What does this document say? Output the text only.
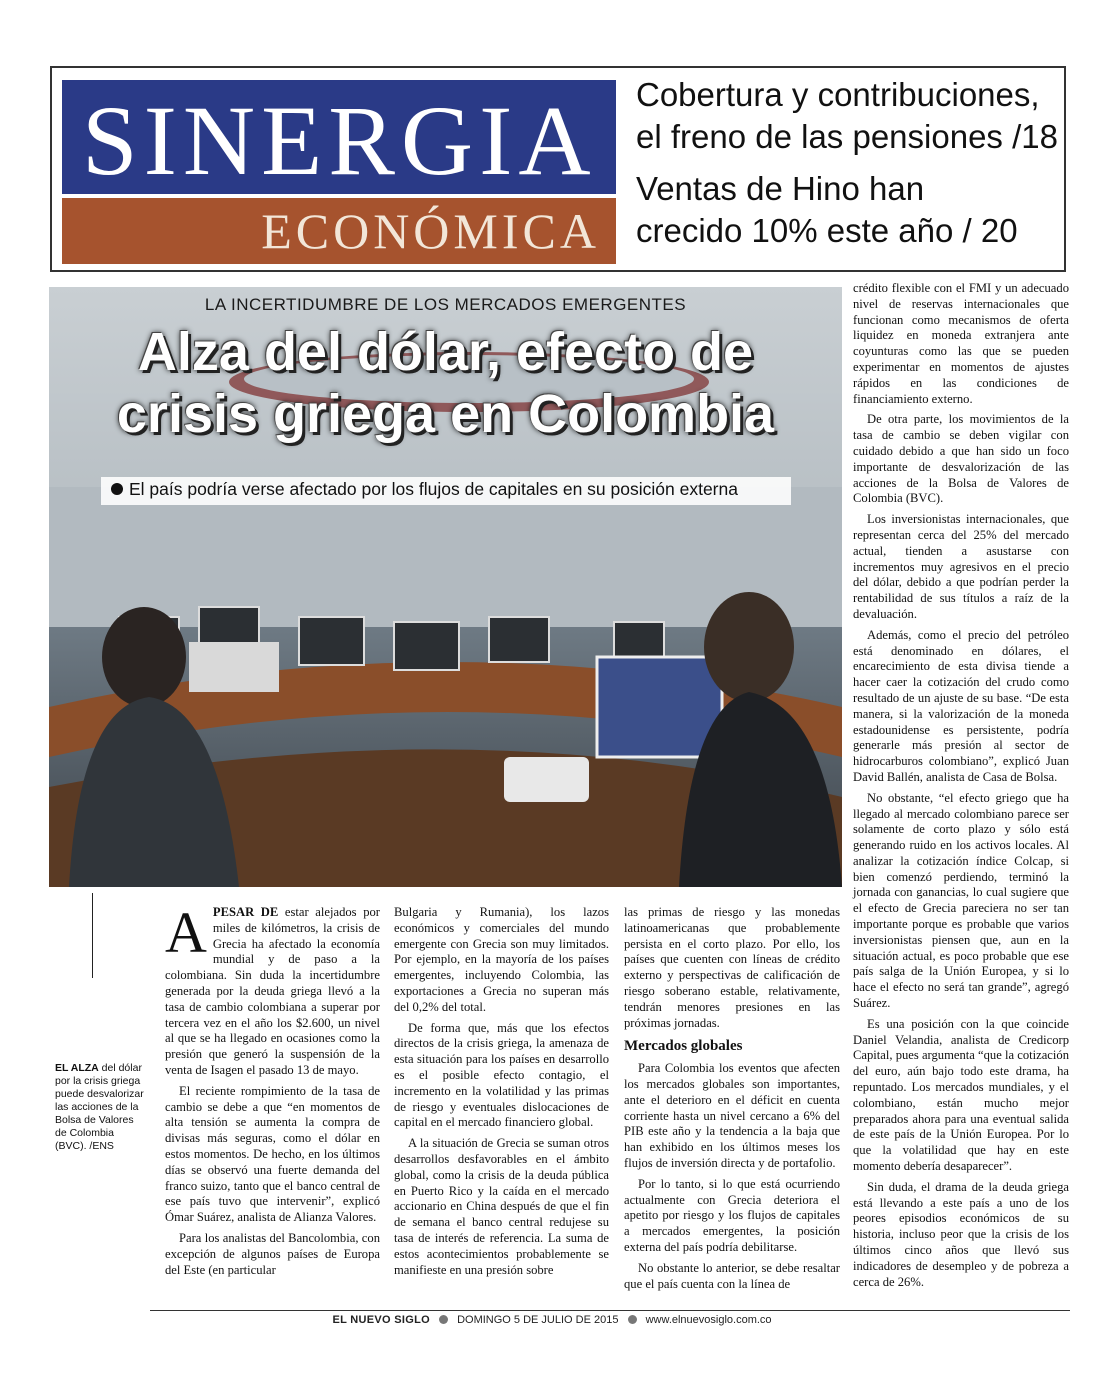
SINERGIA
ECONÓMICA
Cobertura y contribuciones,
el freno de las pensiones /18
Ventas de Hino han
crecido 10% este año / 20
LA INCERTIDUMBRE DE LOS MERCADOS EMERGENTES
Alza del dólar, efecto de
crisis griega en Colombia
El país podría verse afectado por los flujos de capitales en su posición externa
EL ALZA del dólar por la crisis griega puede desvalorizar las acciones de la Bolsa de Valores de Colombia (BVC). /ENS

APESAR DE estar alejados por miles de kilómetros, la crisis de Grecia ha afectado la economía mundial y de paso a la colombiana. Sin duda la incertidumbre generada por la deuda griega llevó a la tasa de cambio colombiana a superar por tercera vez en el año los $2.600, un nivel al que se ha llegado en ocasiones como la presión que generó la suspensión de la venta de Isagen el pasado 13 de mayo.

El reciente rompimiento de la tasa de cambio se debe a que “en momentos de alta tensión se aumenta la compra de divisas más seguras, como el dólar en estos momentos. De hecho, en los últimos días se observó una fuerte demanda del franco suizo, tanto que el banco central de ese país tuvo que intervenir”, explicó Ómar Suárez, analista de Alianza Valores.

Para los analistas del Bancolombia, con excepción de algunos países de Europa del Este (en particular

Bulgaria y Rumania), los lazos económicos y comerciales del mundo emergente con Grecia son muy limitados. Por ejemplo, en la mayoría de los países emergentes, incluyendo Colombia, las exportaciones a Grecia no superan más del 0,2% del total.

De forma que, más que los efectos directos de la crisis griega, la amenaza de esta situación para los países en desarrollo es el posible efecto contagio, el incremento en la volatilidad y las primas de riesgo y eventuales dislocaciones de capital en el mercado financiero global.

A la situación de Grecia se suman otros desarrollos desfavorables en el ámbito global, como la crisis de la deuda pública en Puerto Rico y la caída en el mercado accionario en China después de que el fin de semana el banco central redujese su tasa de interés de referencia. La suma de estos acontecimientos probablemente se manifieste en una presión sobre

las primas de riesgo y las monedas latinoamericanas que probablemente persista en el corto plazo. Por ello, los países que cuenten con líneas de crédito externo y perspectivas de calificación de riesgo soberano estable, relativamente, tendrán menores presiones en las próximas jornadas.

Mercados globales

Para Colombia los eventos que afecten los mercados globales son importantes, ante el deterioro en el déficit en cuenta corriente hasta un nivel cercano a 6% del PIB este año y la tendencia a la baja que han exhibido en los últimos meses los flujos de inversión directa y de portafolio.

Por lo tanto, si lo que está ocurriendo actualmente con Grecia deteriora el apetito por riesgo y los flujos de capitales a mercados emergentes, la posición externa del país podría debilitarse.

No obstante lo anterior, se debe resaltar que el país cuenta con la línea de

crédito flexible con el FMI y un adecuado nivel de reservas internacionales que funcionan como mecanismos de oferta liquidez en moneda extranjera ante coyunturas como las que se pueden experimentar en momentos de ajustes rápidos en las condiciones de financiamiento externo.

De otra parte, los movimientos de la tasa de cambio se deben vigilar con cuidado debido a que han sido un foco importante de desvalorización de las acciones de la Bolsa de Valores de Colombia (BVC).

Los inversionistas internacionales, que representan cerca del 25% del mercado actual, tienden a asustarse con incrementos muy agresivos en el precio del dólar, debido a que podrían perder la rentabilidad de sus títulos a raíz de la devaluación.

Además, como el precio del petróleo está denominado en dólares, el encarecimiento de esta divisa tiende a hacer caer la cotización del crudo como resultado de un ajuste de su base. “De esta manera, si la valorización de la moneda estadounidense es persistente, podría generarle más presión al sector de hidrocarburos colombiano”, explicó Juan David Ballén, analista de Casa de Bolsa.

No obstante, “el efecto griego que ha llegado al mercado colombiano parece ser solamente de corto plazo y sólo está generando ruido en los activos locales. Al analizar la cotización índice Colcap, si bien comenzó perdiendo, terminó la jornada con ganancias, lo cual sugiere que el efecto de Grecia pareciera no ser tan importante porque es probable que varios inversionistas piensen que, aun en la situación actual, es poco probable que ese país salga de la Unión Europea, y si lo hace el efecto no será tan grande”, agregó Suárez.

Es una posición con la que coincide Daniel Velandia, analista de Credicorp Capital, pues argumenta “que la cotización del euro, aún bajo todo este drama, ha repuntado. Los mercados mundiales, y el colombiano, están mucho mejor preparados ahora para una eventual salida de este país de la Unión Europea. Por lo que la volatilidad que hay en este momento debería desaparecer”.

Sin duda, el drama de la deuda griega está llevando a este país a uno de los peores episodios económicos de su historia, incluso peor que la crisis de los últimos cinco años que llevó sus indicadores de desempleo y de pobreza a cerca de 26%.

EL NUEVO SIGLO DOMINGO 5 DE JULIO DE 2015 www.elnuevosiglo.com.co
